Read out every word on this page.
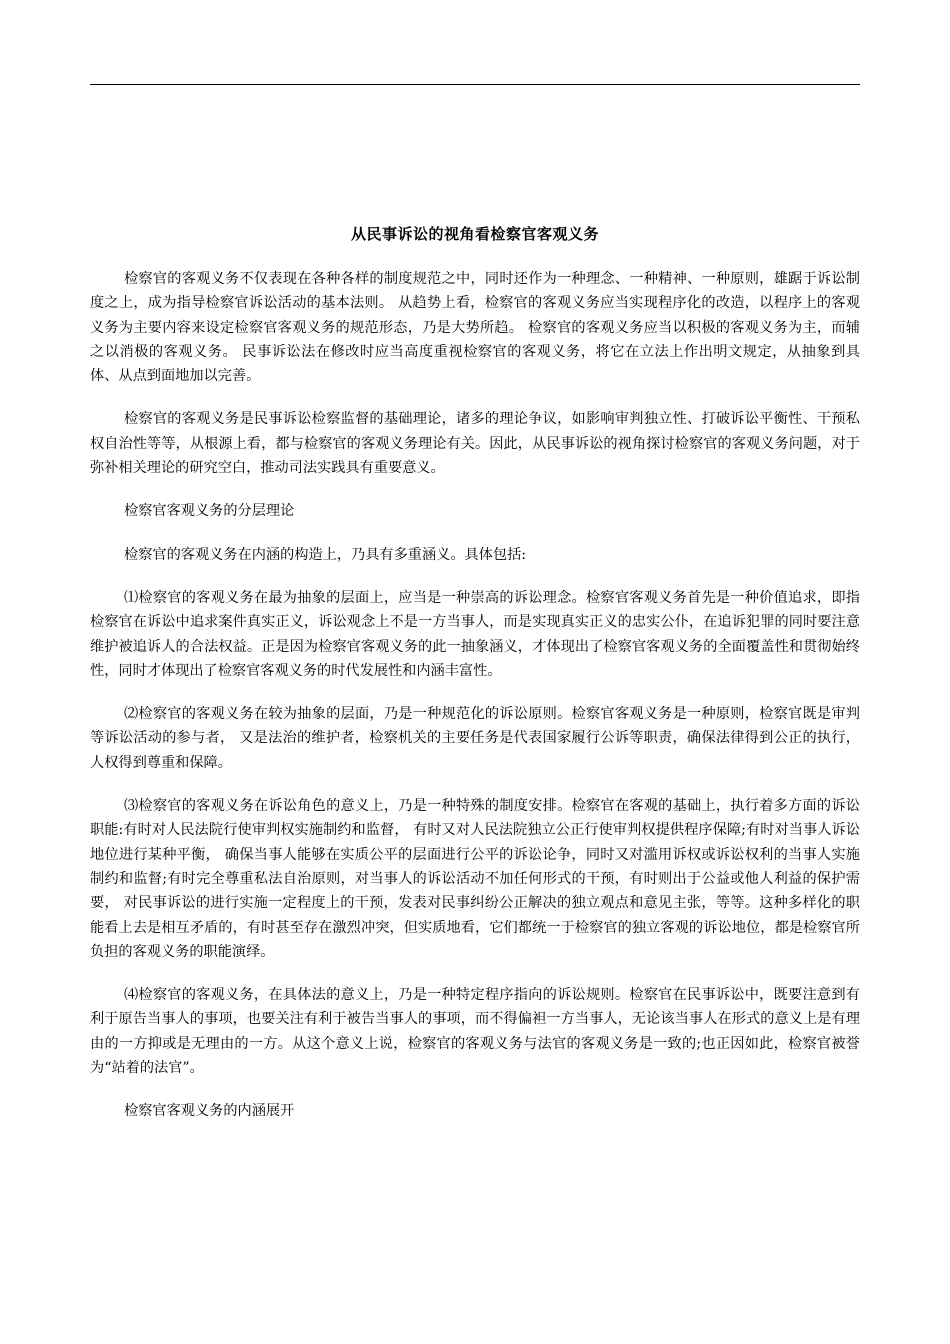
从民事诉讼的视角看检察官客观义务

检察官的客观义务不仅表现在各种各样的制度规范之中，同时还作为一种理念、一种精神、一种原则，雄踞于诉讼制度之上，成为指导检察官诉讼活动的基本法则。 从趋势上看，检察官的客观义务应当实现程序化的改造，以程序上的客观义务为主要内容来设定检察官客观义务的规范形态，乃是大势所趋。 检察官的客观义务应当以积极的客观义务为主，而辅之以消极的客观义务。 民事诉讼法在修改时应当高度重视检察官的客观义务，将它在立法上作出明文规定，从抽象到具体、从点到面地加以完善。

检察官的客观义务是民事诉讼检察监督的基础理论，诸多的理论争议，如影响审判独立性、打破诉讼平衡性、干预私权自治性等等，从根源上看，都与检察官的客观义务理论有关。因此，从民事诉讼的视角探讨检察官的客观义务问题，对于弥补相关理论的研究空白，推动司法实践具有重要意义。

检察官客观义务的分层理论

检察官的客观义务在内涵的构造上，乃具有多重涵义。具体包括:

⑴检察官的客观义务在最为抽象的层面上，应当是一种崇高的诉讼理念。检察官客观义务首先是一种价值追求，即指检察官在诉讼中追求案件真实正义，诉讼观念上不是一方当事人，而是实现真实正义的忠实公仆，在追诉犯罪的同时要注意维护被追诉人的合法权益。正是因为检察官客观义务的此一抽象涵义，才体现出了检察官客观义务的全面覆盖性和贯彻始终性，同时才体现出了检察官客观义务的时代发展性和内涵丰富性。

⑵检察官的客观义务在较为抽象的层面，乃是一种规范化的诉讼原则。检察官客观义务是一种原则，检察官既是审判等诉讼活动的参与者， 又是法治的维护者，检察机关的主要任务是代表国家履行公诉等职责，确保法律得到公正的执行，人权得到尊重和保障。

⑶检察官的客观义务在诉讼角色的意义上，乃是一种特殊的制度安排。检察官在客观的基础上，执行着多方面的诉讼职能:有时对人民法院行使审判权实施制约和监督， 有时又对人民法院独立公正行使审判权提供程序保障;有时对当事人诉讼地位进行某种平衡， 确保当事人能够在实质公平的层面进行公平的诉讼论争，同时又对滥用诉权或诉讼权利的当事人实施制约和监督;有时完全尊重私法自治原则，对当事人的诉讼活动不加任何形式的干预，有时则出于公益或他人利益的保护需要， 对民事诉讼的进行实施一定程度上的干预，发表对民事纠纷公正解决的独立观点和意见主张，等等。这种多样化的职能看上去是相互矛盾的，有时甚至存在激烈冲突，但实质地看，它们都统一于检察官的独立客观的诉讼地位，都是检察官所负担的客观义务的职能演绎。

⑷检察官的客观义务，在具体法的意义上，乃是一种特定程序指向的诉讼规则。检察官在民事诉讼中，既要注意到有利于原告当事人的事项，也要关注有利于被告当事人的事项，而不得偏袒一方当事人，无论该当事人在形式的意义上是有理由的一方抑或是无理由的一方。从这个意义上说，检察官的客观义务与法官的客观义务是一致的;也正因如此，检察官被誉为“站着的法官”。

检察官客观义务的内涵展开
